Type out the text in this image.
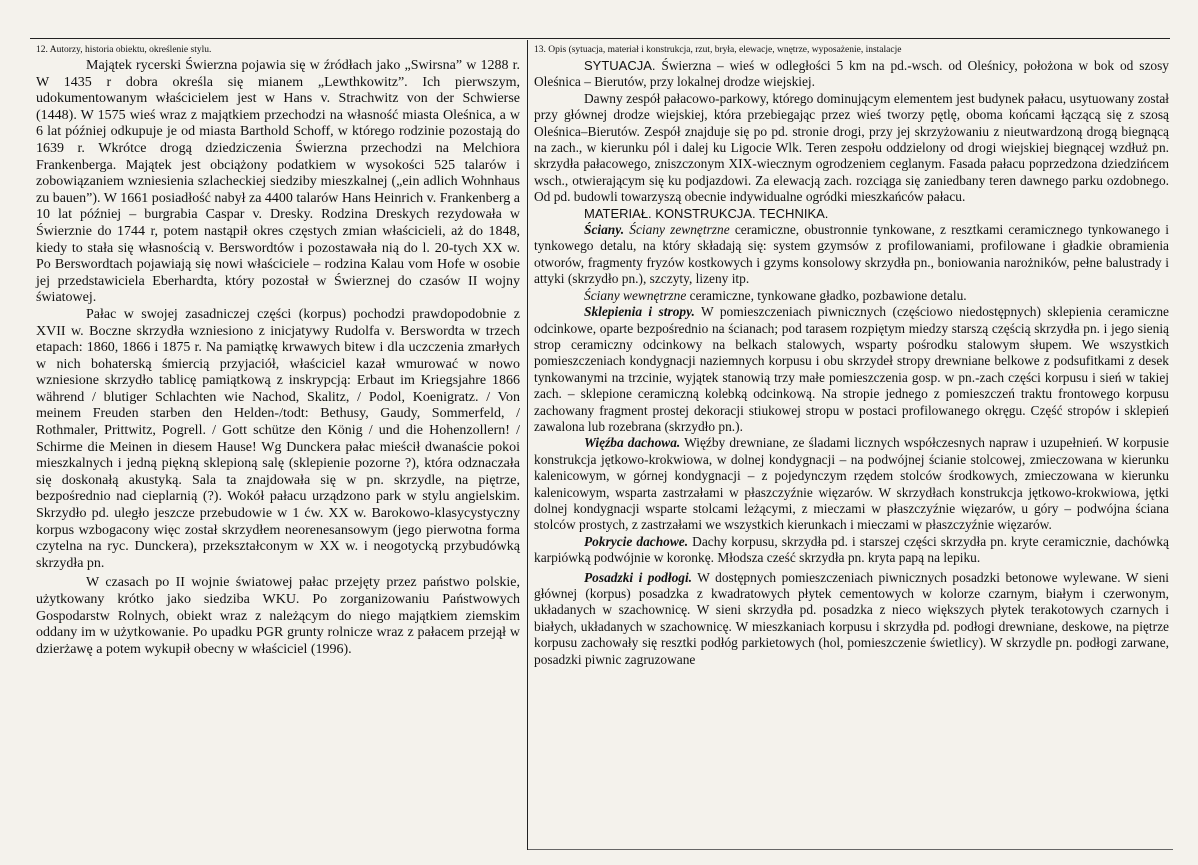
12. Autorzy, historia obiektu, określenie stylu.

Majątek rycerski Świerzna pojawia się w źródłach jako „Swirsna” w 1288 r. W 1435 r dobra określa się mianem „Lewthkowitz”. Ich pierwszym, udokumentowanym właścicielem jest w Hans v. Strachwitz von der Schwierse (1448). W 1575 wieś wraz z majątkiem przechodzi na własność miasta Oleśnica, a w 6 lat później odkupuje je od miasta Barthold Schoff, w którego rodzinie pozostają do 1639 r. Wkrótce drogą dziedziczenia Świerzna przechodzi na Melchiora Frankenberga. Majątek jest obciążony podatkiem w wysokości 525 talarów i zobowiązaniem wzniesienia szlacheckiej siedziby mieszkalnej („ein adlich Wohnhaus zu bauen”). W 1661 posiadłość nabył za 4400 talarów Hans Heinrich v. Frankenberg a 10 lat później – burgrabia Caspar v. Dresky. Rodzina Dreskych rezydowała w Świerznie do 1744 r, potem nastąpił okres częstych zmian właścicieli, aż do 1848, kiedy to stała się własnością v. Berswordtów i pozostawała nią do l. 20-tych XX w. Po Berswordtach pojawiają się nowi właściciele – rodzina Kalau vom Hofe w osobie jej przedstawiciela Eberhardta, który pozostał w Świerznej do czasów II wojny światowej.

Pałac w swojej zasadniczej części (korpus) pochodzi prawdopodobnie z XVII w. Boczne skrzydła wzniesiono z inicjatywy Rudolfa v. Berswordta w trzech etapach: 1860, 1866 i 1875 r. Na pamiątkę krwawych bitew i dla uczczenia zmarłych w nich bohaterską śmiercią przyjaciół, właściciel kazał wmurować w nowo wzniesione skrzydło tablicę pamiątkową z inskrypcją: Erbaut im Kriegsjahre 1866 während / blutiger Schlachten wie Nachod, Skalitz, / Podol, Koenigratz. / Von meinem Freuden starben den Helden-/todt: Bethusy, Gaudy, Sommerfeld, / Rothmaler, Prittwitz, Pogrell. / Gott schütze den König / und die Hohenzollern! / Schirme die Meinen in diesem Hause! Wg Dunckera pałac mieścił dwanaście pokoi mieszkalnych i jedną piękną sklepioną salę (sklepienie pozorne ?), która odznaczała się doskonałą akustyką. Sala ta znajdowała się w pn. skrzydle, na piętrze, bezpośrednio nad cieplarnią (?). Wokół pałacu urządzono park w stylu angielskim. Skrzydło pd. uległo jeszcze przebudowie w 1 ćw. XX w. Barokowo-klasycystyczny korpus wzbogacony więc został skrzydłem neorenesansowym (jego pierwotna forma czytelna na ryc. Dunckera), przekształconym w XX w. i neogotycką przybudówką skrzydła pn.

W czasach po II wojnie światowej pałac przejęty przez państwo polskie, użytkowany krótko jako siedziba WKU. Po zorganizowaniu Państwowych Gospodarstw Rolnych, obiekt wraz z należącym do niego majątkiem ziemskim oddany im w użytkowanie. Po upadku PGR grunty rolnicze wraz z pałacem przejął w dzierżawę a potem wykupił obecny w właściciel (1996).

13. Opis (sytuacja, materiał i konstrukcja, rzut, bryła, elewacje, wnętrze, wyposażenie, instalacje

SYTUACJA. Świerzna – wieś w odległości 5 km na pd.-wsch. od Oleśnicy, położona w bok od szosy Oleśnica – Bierutów, przy lokalnej drodze wiejskiej.

Dawny zespół pałacowo-parkowy, którego dominującym elementem jest budynek pałacu, usytuowany został przy głównej drodze wiejskiej, która przebiegając przez wieś tworzy pętlę, oboma końcami łączącą się z szosą Oleśnica–Bierutów. Zespół znajduje się po pd. stronie drogi, przy jej skrzyżowaniu z nieutwardzoną drogą biegnącą na zach., w kierunku pól i dalej ku Ligocie Wlk. Teren zespołu oddzielony od drogi wiejskiej biegnącej wzdłuż pn. skrzydła pałacowego, zniszczonym XIX-wiecznym ogrodzeniem ceglanym. Fasada pałacu poprzedzona dziedzińcem wsch., otwierającym się ku podjazdowi. Za elewacją zach. rozciąga się zaniedbany teren dawnego parku ozdobnego. Od pd. budowli towarzyszą obecnie indywidualne ogródki mieszkańców pałacu.

MATERIAŁ. KONSTRUKCJA. TECHNIKA.

Ściany. Ściany zewnętrzne ceramiczne, obustronnie tynkowane, z resztkami ceramicznego tynkowanego i tynkowego detalu, na który składają się: system gzymsów z profilowaniami, profilowane i gładkie obramienia otworów, fragmenty fryzów kostkowych i gzyms konsolowy skrzydła pn., boniowania narożników, pełne balustrady i attyki (skrzydło pn.), szczyty, lizeny itp.

Ściany wewnętrzne ceramiczne, tynkowane gładko, pozbawione detalu.

Sklepienia i stropy. W pomieszczeniach piwnicznych (częściowo niedostępnych) sklepienia ceramiczne odcinkowe, oparte bezpośrednio na ścianach; pod tarasem rozpiętym miedzy starszą częścią skrzydła pn. i jego sienią strop ceramiczny odcinkowy na belkach stalowych, wsparty pośrodku stalowym słupem. We wszystkich pomieszczeniach kondygnacji naziemnych korpusu i obu skrzydeł stropy drewniane belkowe z podsufitkami z desek tynkowanymi na trzcinie, wyjątek stanowią trzy małe pomieszczenia gosp. w pn.-zach części korpusu i sień w takiej zach. – sklepione ceramiczną kolebką odcinkową. Na stropie jednego z pomieszczeń traktu frontowego korpusu zachowany fragment prostej dekoracji stiukowej stropu w postaci profilowanego okręgu. Część stropów i sklepień zawalona lub rozebrana (skrzydło pn.).

Więźba dachowa. Więźby drewniane, ze śladami licznych współczesnych napraw i uzupełnień. W korpusie konstrukcja jętkowo-krokwiowa, w dolnej kondygnacji – na podwójnej ścianie stolcowej, zmieczowana w kierunku kalenicowym, w górnej kondygnacji – z pojedynczym rzędem stolców środkowych, zmieczowana w kierunku kalenicowym, wsparta zastrzałami w płaszczyźnie więzarów. W skrzydłach konstrukcja jętkowo-krokwiowa, jętki dolnej kondygnacji wsparte stolcami leżącymi, z mieczami w płaszczyźnie więzarów, u góry – podwójna ściana stolców prostych, z zastrzałami we wszystkich kierunkach i mieczami w płaszczyźnie więzarów.

Pokrycie dachowe. Dachy korpusu, skrzydła pd. i starszej części skrzydła pn. kryte ceramicznie, dachówką karpiówką podwójnie w koronkę. Młodsza cześć skrzydła pn. kryta papą na lepiku.

Posadzki i podłogi. W dostępnych pomieszczeniach piwnicznych posadzki betonowe wylewane. W sieni głównej (korpus) posadzka z kwadratowych płytek cementowych w kolorze czarnym, białym i czerwonym, układanych w szachownicę. W sieni skrzydła pd. posadzka z nieco większych płytek terakotowych czarnych i białych, układanych w szachownicę. W mieszkaniach korpusu i skrzydła pd. podłogi drewniane, deskowe, na piętrze korpusu zachowały się resztki podłóg parkietowych (hol, pomieszczenie świetlicy). W skrzydle pn. podłogi zarwane, posadzki piwnic zagruzowane
